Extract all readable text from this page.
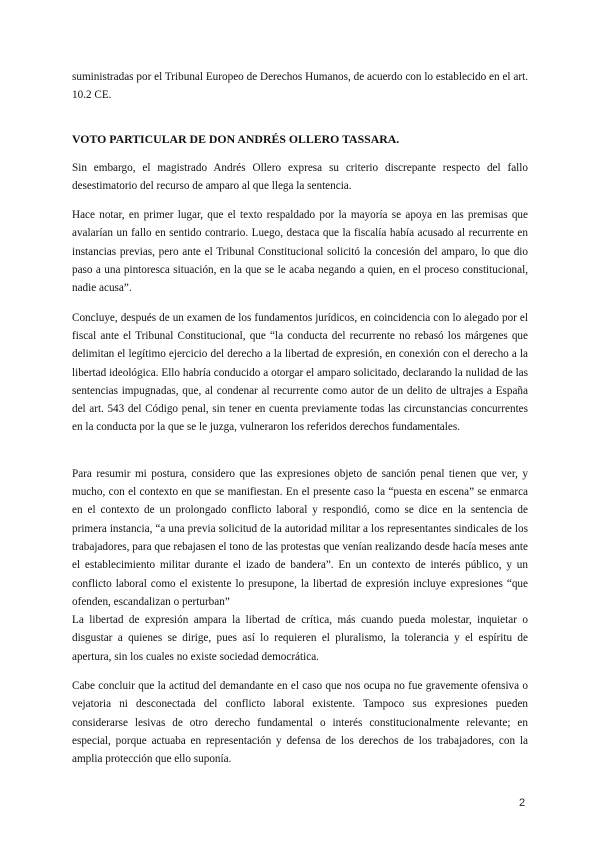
suministradas por el Tribunal Europeo de Derechos Humanos, de acuerdo con lo establecido en el art. 10.2 CE.

VOTO PARTICULAR DE DON ANDRÉS OLLERO TASSARA.

Sin embargo, el magistrado Andrés Ollero expresa su criterio discrepante respecto del fallo desestimatorio del recurso de amparo al que llega la sentencia.

Hace notar, en primer lugar, que el texto respaldado por la mayoría se apoya en las premisas que avalarían un fallo en sentido contrario. Luego, destaca que la fiscalía había acusado al recurrente en instancias previas, pero ante el Tribunal Constitucional solicitó la concesión del amparo, lo que dio paso a una pintoresca situación, en la que se le acaba negando a quien, en el proceso constitucional, nadie acusa”.

Concluye, después de un examen de los fundamentos jurídicos, en coincidencia con lo alegado por el fiscal ante el Tribunal Constitucional, que “la conducta del recurrente no rebasó los márgenes que delimitan el legítimo ejercicio del derecho a la libertad de expresión, en conexión con el derecho a la libertad ideológica. Ello habría conducido a otorgar el amparo solicitado, declarando la nulidad de las sentencias impugnadas, que, al condenar al recurrente como autor de un delito de ultrajes a España del art. 543 del Código penal, sin tener en cuenta previamente todas las circunstancias concurrentes en la conducta por la que se le juzga, vulneraron los referidos derechos fundamentales.

Para resumir mi postura, considero que las expresiones objeto de sanción penal tienen que ver, y mucho, con el contexto en que se manifiestan. En el presente caso la “puesta en escena” se enmarca en el contexto de un prolongado conflicto laboral y respondió, como se dice en la sentencia de primera instancia, “a una previa solicitud de la autoridad militar a los representantes sindicales de los trabajadores, para que rebajasen el tono de las protestas que venían realizando desde hacía meses ante el establecimiento militar durante el izado de bandera”. En un contexto de interés público, y un conflicto laboral como el existente lo presupone, la libertad de expresión incluye expresiones “que ofenden, escandalizan o perturban”

La libertad de expresión ampara la libertad de crítica, más cuando pueda molestar, inquietar o disgustar a quienes se dirige, pues así lo requieren el pluralismo, la tolerancia y el espíritu de apertura, sin los cuales no existe sociedad democrática.

Cabe concluir que la actitud del demandante en el caso que nos ocupa no fue gravemente ofensiva o vejatoria ni desconectada del conflicto laboral existente. Tampoco sus expresiones pueden considerarse lesivas de otro derecho fundamental o interés constitucionalmente relevante; en especial, porque actuaba en representación y defensa de los derechos de los trabajadores, con la amplia protección que ello suponía.

2
